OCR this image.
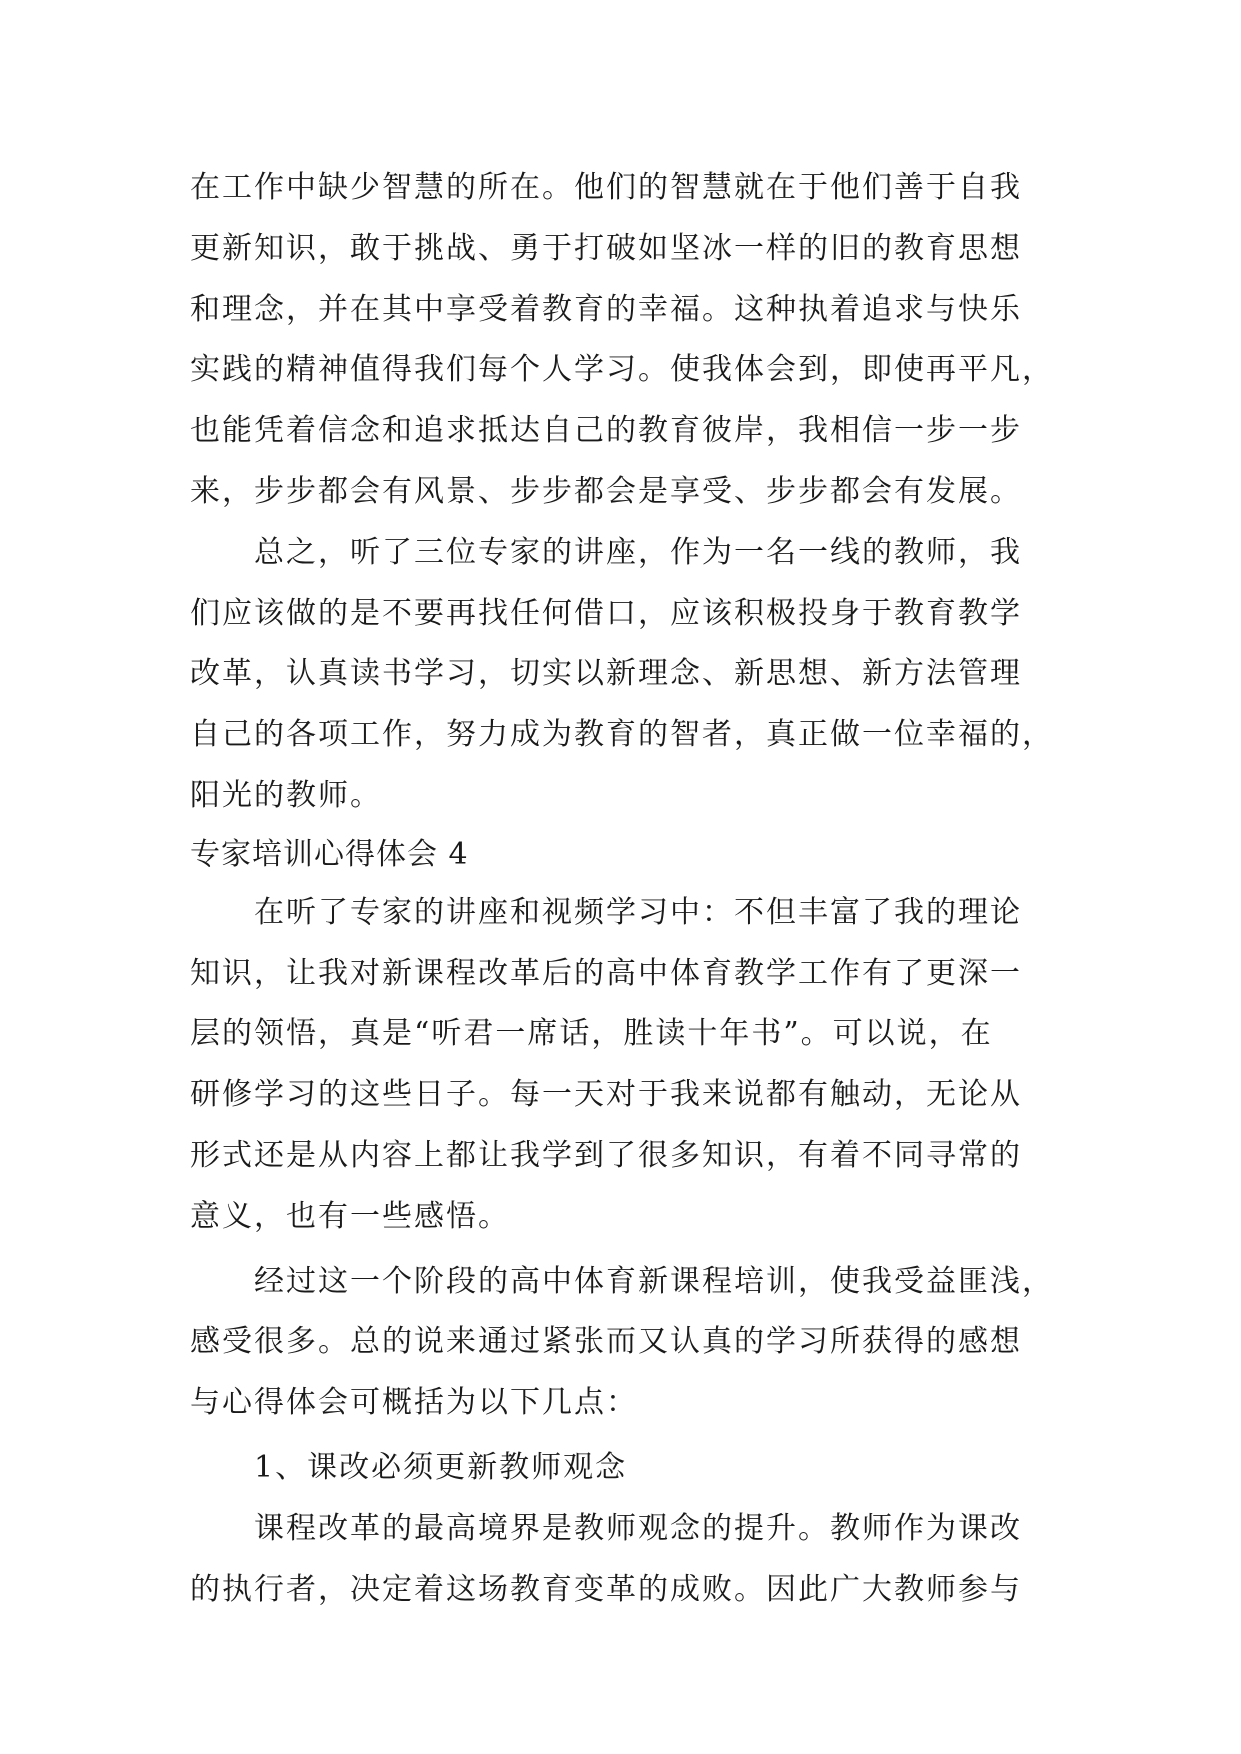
在工作中缺少智慧的所在。他们的智慧就在于他们善于自我
更新知识，敢于挑战、勇于打破如坚冰一样的旧的教育思想
和理念，并在其中享受着教育的幸福。这种执着追求与快乐
实践的精神值得我们每个人学习。使我体会到，即使再平凡，
也能凭着信念和追求抵达自己的教育彼岸，我相信一步一步
来，步步都会有风景、步步都会是享受、步步都会有发展。
总之，听了三位专家的讲座，作为一名一线的教师，我
们应该做的是不要再找任何借口，应该积极投身于教育教学
改革，认真读书学习，切实以新理念、新思想、新方法管理
自己的各项工作，努力成为教育的智者，真正做一位幸福的，
阳光的教师。
专家培训心得体会 4
在听了专家的讲座和视频学习中：不但丰富了我的理论
知识，让我对新课程改革后的高中体育教学工作有了更深一
层的领悟，真是“听君一席话，胜读十年书”。可以说，在
研修学习的这些日子。每一天对于我来说都有触动，无论从
形式还是从内容上都让我学到了很多知识，有着不同寻常的
意义，也有一些感悟。
经过这一个阶段的高中体育新课程培训，使我受益匪浅，
感受很多。总的说来通过紧张而又认真的学习所获得的感想
与心得体会可概括为以下几点：
1、课改必须更新教师观念
课程改革的最高境界是教师观念的提升。教师作为课改
的执行者，决定着这场教育变革的成败。因此广大教师参与
